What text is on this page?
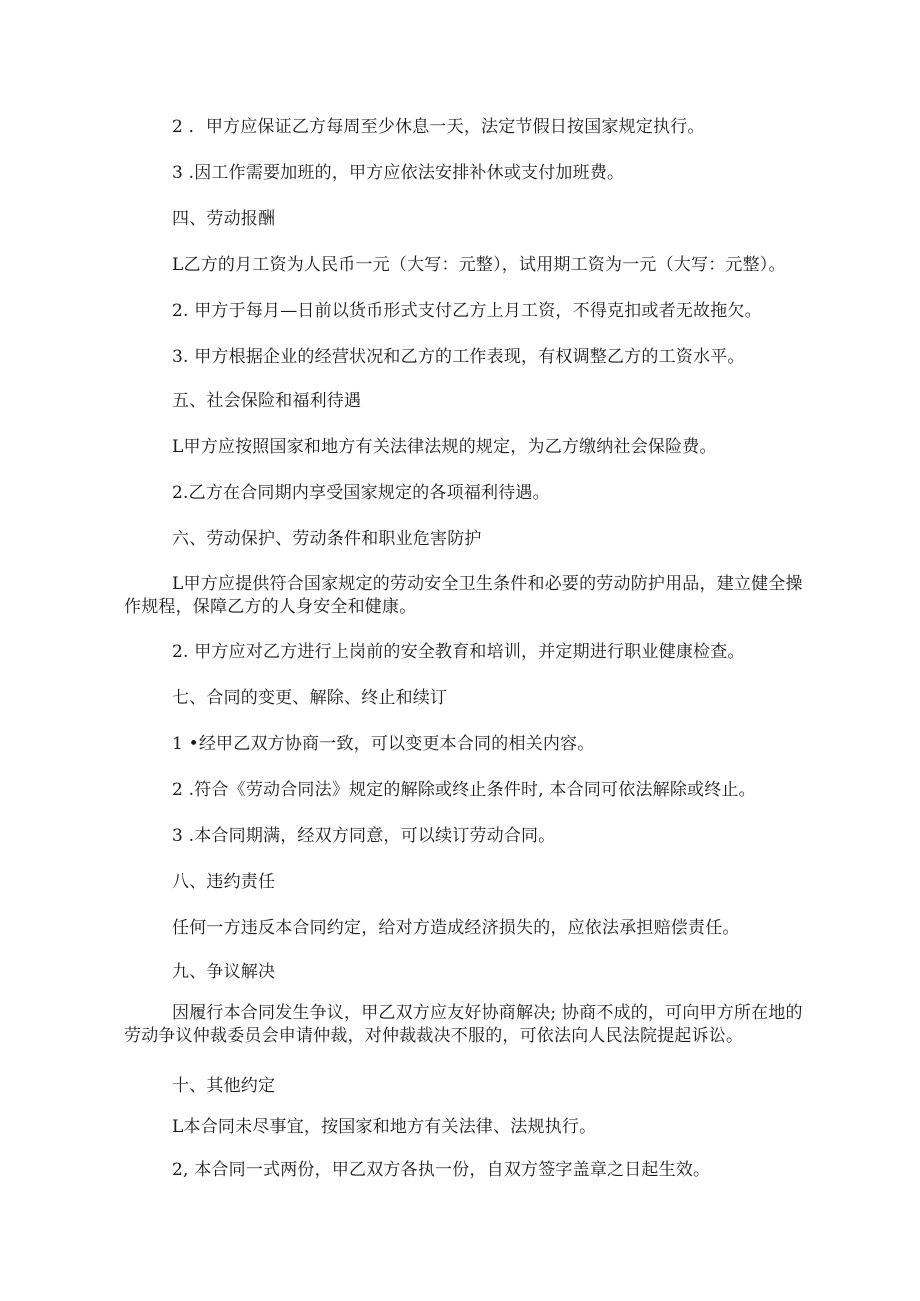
2 ．甲方应保证乙方每周至少休息一天，法定节假日按国家规定执行。
3 .因工作需要加班的，甲方应依法安排补休或支付加班费。
四、劳动报酬
L乙方的月工资为人民币一元（大写：元整），试用期工资为一元（大写：元整）。
2. 甲方于每月—日前以货币形式支付乙方上月工资，不得克扣或者无故拖欠。
3. 甲方根据企业的经营状况和乙方的工作表现，有权调整乙方的工资水平。
五、社会保险和福利待遇
L甲方应按照国家和地方有关法律法规的规定，为乙方缴纳社会保险费。
2.乙方在合同期内享受国家规定的各项福利待遇。
六、劳动保护、劳动条件和职业危害防护
L甲方应提供符合国家规定的劳动安全卫生条件和必要的劳动防护用品，建立健全操
作规程，保障乙方的人身安全和健康。
2. 甲方应对乙方进行上岗前的安全教育和培训，并定期进行职业健康检查。
七、合同的变更、解除、终止和续订
1 •经甲乙双方协商一致，可以变更本合同的相关内容。
2 .符合《劳动合同法》规定的解除或终止条件时, 本合同可依法解除或终止。
3 .本合同期满，经双方同意，可以续订劳动合同。
八、违约责任
任何一方违反本合同约定，给对方造成经济损失的，应依法承担赔偿责任。
九、争议解决
因履行本合同发生争议，甲乙双方应友好协商解决; 协商不成的，可向甲方所在地的
劳动争议仲裁委员会申请仲裁，对仲裁裁决不服的，可依法向人民法院提起诉讼。
十、其他约定
L本合同未尽事宜，按国家和地方有关法律、法规执行。
2, 本合同一式两份，甲乙双方各执一份，自双方签字盖章之日起生效。
